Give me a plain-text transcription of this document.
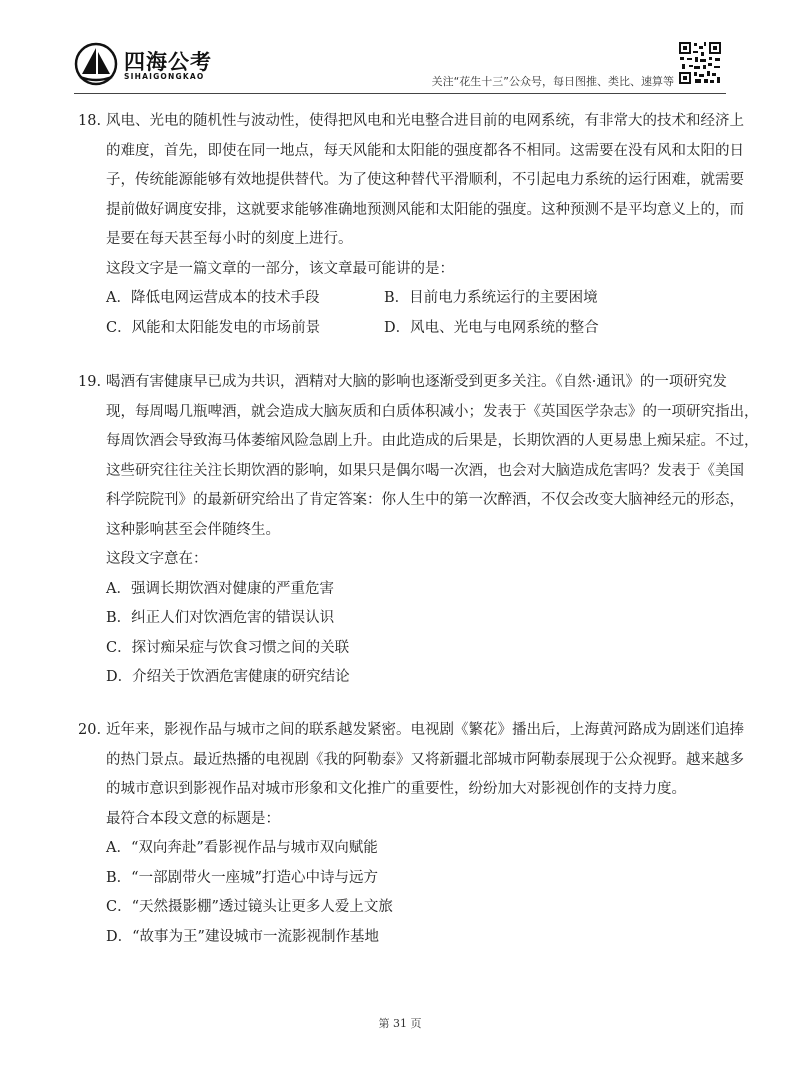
四海公考
SIHAIGONGKAO	关注“花生十三”公众号，每日图推、类比、速算等
18. 风电、光电的随机性与波动性，使得把风电和光电整合进目前的电网系统，有非常大的技术和经济上
的难度，首先，即使在同一地点，每天风能和太阳能的强度都各不相同。这需要在没有风和太阳的日
子，传统能源能够有效地提供替代。为了使这种替代平滑顺利，不引起电力系统的运行困难，就需要
提前做好调度安排，这就要求能够准确地预测风能和太阳能的强度。这种预测不是平均意义上的，而
是要在每天甚至每小时的刻度上进行。
这段文字是一篇文章的一部分，该文章最可能讲的是：
A．降低电网运营成本的技术手段	B．目前电力系统运行的主要困境
C．风能和太阳能发电的市场前景	D．风电、光电与电网系统的整合
19. 喝酒有害健康早已成为共识，酒精对大脑的影响也逐渐受到更多关注。《自然·通讯》的一项研究发
现，每周喝几瓶啤酒，就会造成大脑灰质和白质体积减小；发表于《英国医学杂志》的一项研究指出，
每周饮酒会导致海马体萎缩风险急剧上升。由此造成的后果是，长期饮酒的人更易患上痴呆症。不过，
这些研究往往关注长期饮酒的影响，如果只是偶尔喝一次酒，也会对大脑造成危害吗？发表于《美国
科学院院刊》的最新研究给出了肯定答案：你人生中的第一次醉酒，不仅会改变大脑神经元的形态，
这种影响甚至会伴随终生。
这段文字意在：
A．强调长期饮酒对健康的严重危害
B．纠正人们对饮酒危害的错误认识
C．探讨痴呆症与饮食习惯之间的关联
D．介绍关于饮酒危害健康的研究结论
20. 近年来，影视作品与城市之间的联系越发紧密。电视剧《繁花》播出后，上海黄河路成为剧迷们追捧
的热门景点。最近热播的电视剧《我的阿勒泰》又将新疆北部城市阿勒泰展现于公众视野。越来越多
的城市意识到影视作品对城市形象和文化推广的重要性，纷纷加大对影视创作的支持力度。
最符合本段文意的标题是：
A．“双向奔赴”看影视作品与城市双向赋能
B．“一部剧带火一座城”打造心中诗与远方
C．“天然摄影棚”透过镜头让更多人爱上文旅
D．“故事为王”建设城市一流影视制作基地
第 31 页
